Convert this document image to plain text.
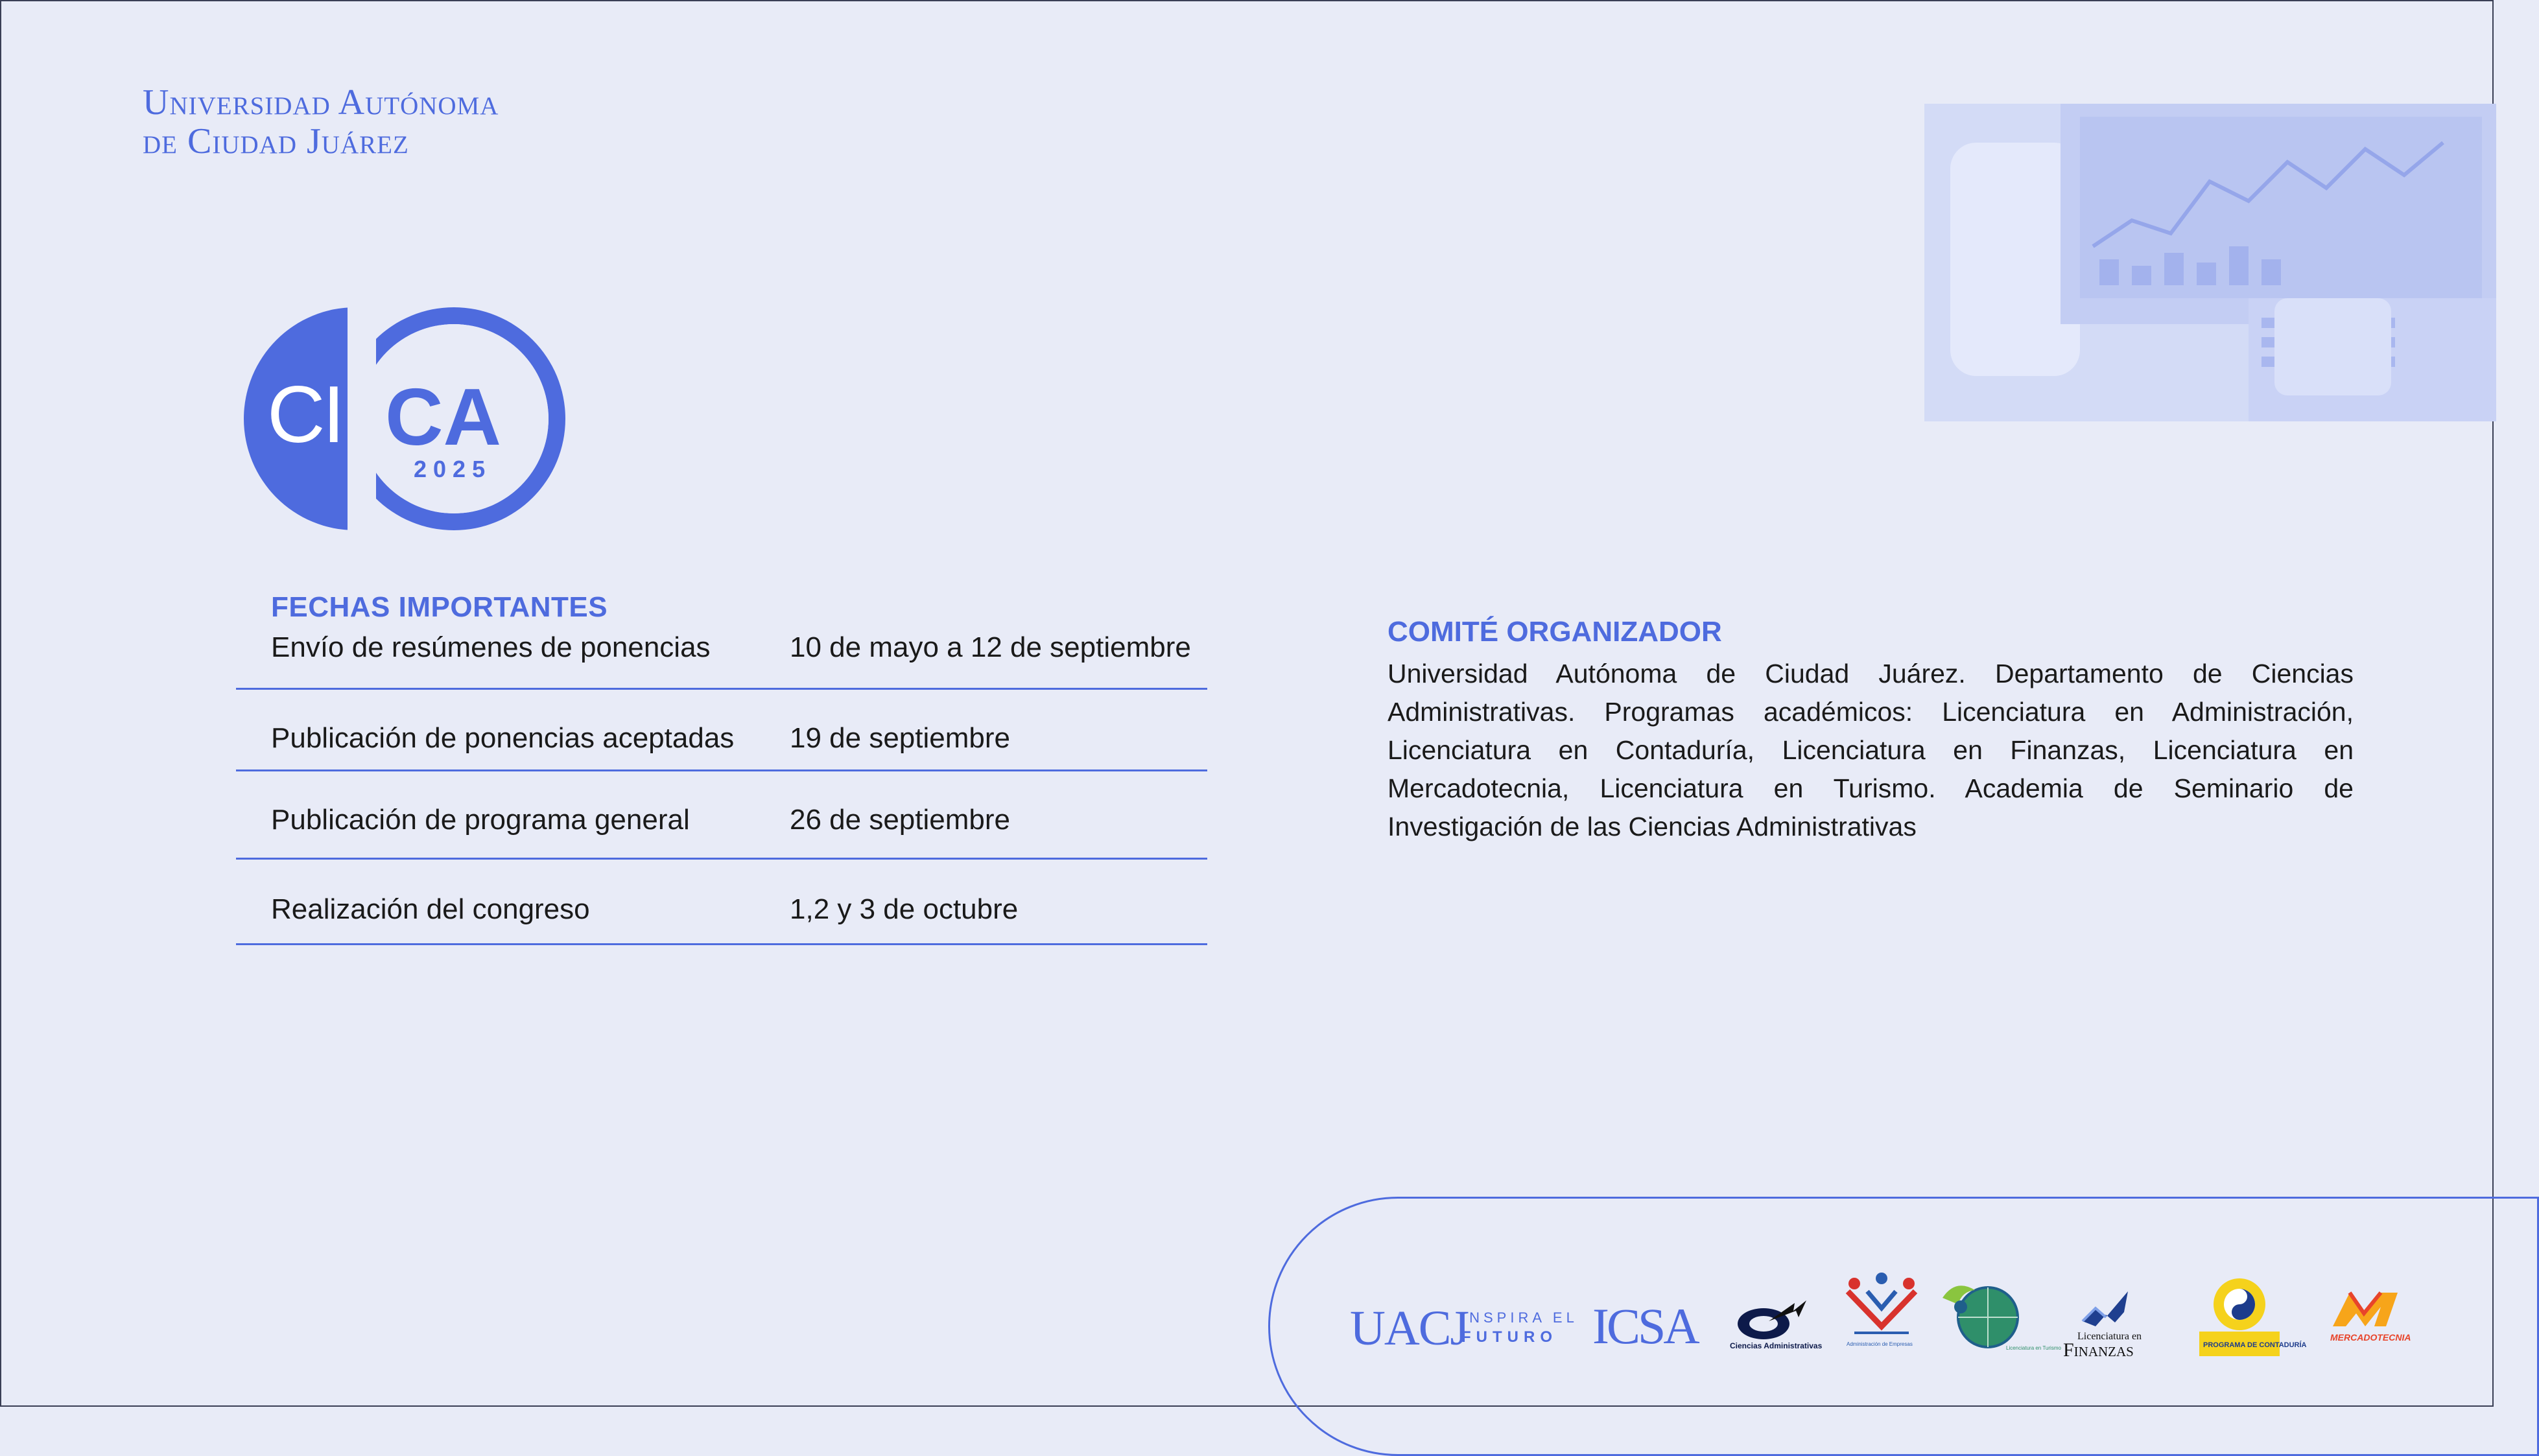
Universidad Autónoma
de Ciudad Juárez
CI CA
2025
FECHAS IMPORTANTES
Envío de resúmenes de ponencias	10 de mayo a 12 de septiembre
Publicación de ponencias aceptadas 19 de septiembre
Publicación de programa general	26 de septiembre
Realización del congreso	1,2 y 3 de octubre
COMITÉ ORGANIZADOR
Universidad Autónoma de Ciudad Juárez. Departamento de Ciencias Administrativas. Programas académicos: Licenciatura en Administración, Licenciatura en Contaduría, Licenciatura en Finanzas, Licenciatura en Mercadotecnia, Licenciatura en Turismo. Academia de Seminario de Investigación de las Ciencias Administrativas
UACJ
INSPIRA EL
FUTURO ICSA	Ciencias Administrativas	Administración de Empresas
Licenciatura en Turismo
Licenciatura en
Finanzas	PROGRAMA DE CONTADURÍA
MERCADOTECNIA
